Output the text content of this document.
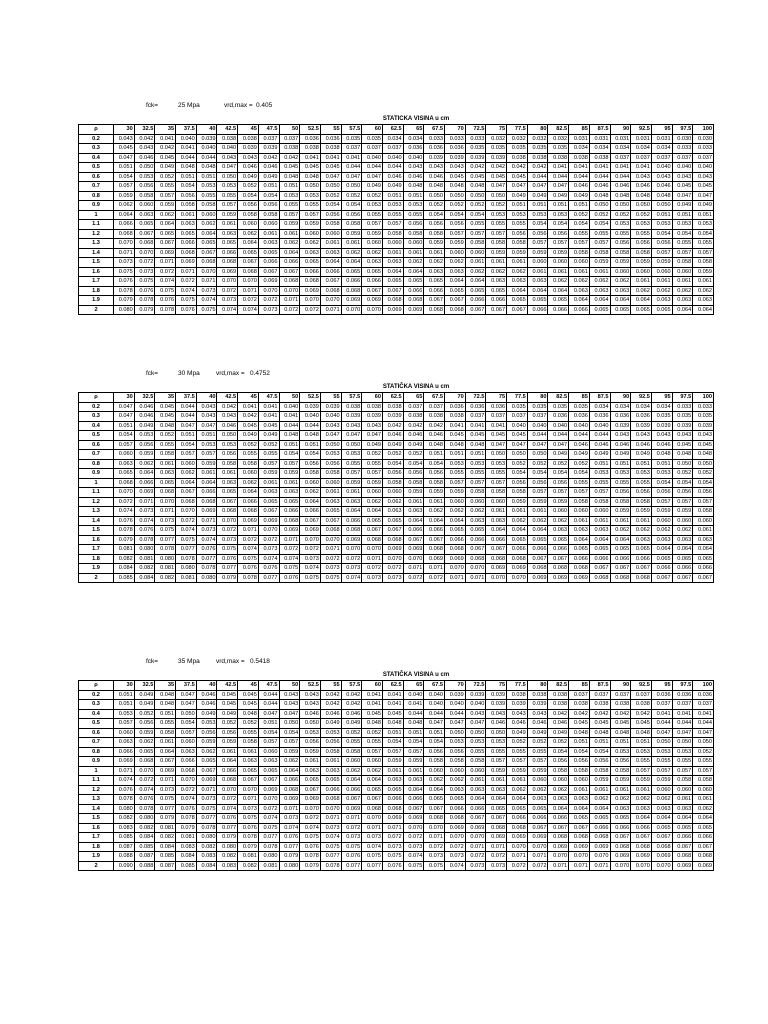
fck=	25 Mpa	vrd,max = 0.405
STATICKA VISINA u cm
ρ	30	32.5	35	37.5	40	42.5	45	47.5	50	52.5	55	57.5	60	62.5	65	67.5	70	72.5	75	77.5	80	82.5	85	87.5	90	92.5	95	97.5	100
0.2	0.043	0.042	0.041	0.040	0.039	0.038	0.038	0.037	0.037	0.036	0.036	0.035	0.035	0.034	0.034	0.033	0.033	0.033	0.032	0.032	0.032	0.032	0.031	0.031	0.031	0.031	0.031	0.030	0.030
0.3	0.045	0.043	0.042	0.041	0.040	0.040	0.039	0.039	0.038	0.038	0.038	0.037	0.037	0.037	0.036	0.036	0.036	0.035	0.035	0.035	0.035	0.035	0.034	0.034	0.034	0.034	0.034	0.033	0.033
0.4	0.047	0.046	0.045	0.044	0.044	0.043	0.043	0.042	0.042	0.041	0.041	0.041	0.040	0.040	0.040	0.039	0.039	0.039	0.039	0.038	0.038	0.038	0.038	0.038	0.037	0.037	0.037	0.037	0.037
0.5	0.051	0.050	0.049	0.048	0.048	0.047	0.046	0.046	0.045	0.045	0.045	0.044	0.044	0.044	0.043	0.043	0.043	0.042	0.042	0.042	0.042	0.041	0.041	0.041	0.041	0.041	0.040	0.040	0.040
0.6	0.054	0.053	0.052	0.051	0.051	0.050	0.049	0.049	0.048	0.048	0.047	0.047	0.047	0.046	0.046	0.046	0.045	0.045	0.045	0.045	0.044	0.044	0.044	0.044	0.044	0.043	0.043	0.043	0.043
0.7	0.057	0.056	0.055	0.054	0.053	0.053	0.052	0.051	0.051	0.050	0.050	0.050	0.049	0.049	0.048	0.048	0.048	0.048	0.047	0.047	0.047	0.047	0.046	0.046	0.046	0.046	0.046	0.045	0.045
0.8	0.059	0.058	0.057	0.056	0.055	0.055	0.054	0.054	0.053	0.053	0.052	0.052	0.052	0.051	0.051	0.050	0.050	0.050	0.050	0.049	0.049	0.049	0.049	0.048	0.048	0.048	0.048	0.047	0.047
0.9	0.062	0.060	0.059	0.058	0.058	0.057	0.056	0.056	0.055	0.055	0.054	0.054	0.053	0.053	0.053	0.052	0.052	0.052	0.052	0.051	0.051	0.051	0.051	0.050	0.050	0.050	0.050	0.049	0.049
1	0.064	0.063	0.062	0.061	0.060	0.059	0.058	0.058	0.057	0.057	0.056	0.056	0.055	0.055	0.055	0.054	0.054	0.054	0.053	0.053	0.053	0.053	0.052	0.052	0.052	0.052	0.051	0.051	0.051
1.1	0.066	0.065	0.064	0.063	0.062	0.061	0.060	0.060	0.059	0.059	0.058	0.058	0.057	0.057	0.056	0.056	0.056	0.055	0.055	0.055	0.054	0.054	0.054	0.054	0.053	0.053	0.053	0.053	0.053
1.2	0.068	0.067	0.065	0.065	0.064	0.063	0.062	0.061	0.061	0.060	0.060	0.059	0.059	0.058	0.058	0.058	0.057	0.057	0.057	0.056	0.056	0.056	0.055	0.055	0.055	0.055	0.054	0.054	0.054
1.3	0.070	0.068	0.067	0.066	0.065	0.065	0.064	0.063	0.062	0.062	0.061	0.061	0.060	0.060	0.060	0.059	0.059	0.058	0.058	0.058	0.057	0.057	0.057	0.057	0.056	0.056	0.056	0.055	0.055
1.4	0.071	0.070	0.069	0.068	0.067	0.066	0.065	0.065	0.064	0.063	0.063	0.062	0.062	0.061	0.061	0.061	0.060	0.060	0.059	0.059	0.059	0.059	0.058	0.058	0.058	0.058	0.057	0.057	0.057
1.5	0.073	0.072	0.071	0.069	0.068	0.068	0.067	0.066	0.066	0.065	0.064	0.064	0.063	0.063	0.062	0.062	0.062	0.061	0.061	0.061	0.060	0.060	0.060	0.059	0.059	0.059	0.059	0.058	0.058
1.6	0.075	0.073	0.072	0.071	0.070	0.069	0.068	0.067	0.067	0.066	0.066	0.065	0.065	0.064	0.064	0.063	0.063	0.062	0.062	0.062	0.061	0.061	0.061	0.061	0.060	0.060	0.060	0.060	0.059
1.7	0.076	0.075	0.074	0.072	0.071	0.070	0.070	0.069	0.068	0.068	0.067	0.066	0.066	0.065	0.065	0.065	0.064	0.064	0.063	0.063	0.063	0.062	0.062	0.062	0.062	0.061	0.061	0.061	0.061
1.8	0.078	0.076	0.075	0.074	0.073	0.072	0.071	0.070	0.070	0.069	0.068	0.068	0.067	0.067	0.066	0.066	0.065	0.065	0.065	0.064	0.064	0.064	0.063	0.063	0.063	0.062	0.062	0.062	0.062
1.9	0.079	0.078	0.076	0.075	0.074	0.073	0.072	0.072	0.071	0.070	0.070	0.069	0.069	0.068	0.068	0.067	0.067	0.066	0.066	0.065	0.065	0.065	0.064	0.064	0.064	0.064	0.063	0.063	0.063
2	0.080	0.079	0.078	0.076	0.075	0.074	0.074	0.073	0.072	0.072	0.071	0.070	0.070	0.069	0.069	0.068	0.068	0.067	0.067	0.067	0.066	0.066	0.066	0.065	0.065	0.065	0.065	0.064	0.064
fck=	30 Mpa	vrd,max = 0.4752
STATIČKA VISINA u cm
ρ	30	32.5	35	37.5	40	42.5	45	47.5	50	52.5	55	57.5	60	62.5	65	67.5	70	72.5	75	77.5	80	82.5	85	87.5	90	92.5	95	97.5	100
0.2	0.047	0.046	0.045	0.044	0.043	0.042	0.041	0.041	0.040	0.039	0.039	0.038	0.038	0.038	0.037	0.037	0.036	0.036	0.036	0.035	0.035	0.035	0.035	0.034	0.034	0.034	0.034	0.033	0.033
0.3	0.047	0.046	0.045	0.044	0.043	0.043	0.042	0.041	0.041	0.040	0.040	0.039	0.039	0.039	0.038	0.038	0.038	0.037	0.037	0.037	0.037	0.036	0.036	0.036	0.036	0.036	0.035	0.035	0.035
0.4	0.051	0.049	0.048	0.047	0.047	0.046	0.045	0.045	0.044	0.044	0.043	0.043	0.043	0.042	0.042	0.042	0.041	0.041	0.041	0.040	0.040	0.040	0.040	0.040	0.039	0.039	0.039	0.039	0.039
0.5	0.054	0.053	0.052	0.051	0.051	0.050	0.049	0.049	0.048	0.048	0.047	0.047	0.047	0.046	0.046	0.046	0.045	0.045	0.045	0.045	0.044	0.044	0.044	0.044	0.043	0.043	0.043	0.043	0.043
0.6	0.057	0.056	0.055	0.054	0.053	0.053	0.052	0.052	0.051	0.051	0.050	0.050	0.049	0.049	0.049	0.048	0.048	0.048	0.047	0.047	0.047	0.047	0.046	0.046	0.046	0.046	0.046	0.045	0.045
0.7	0.060	0.059	0.058	0.057	0.057	0.056	0.055	0.055	0.054	0.054	0.053	0.053	0.052	0.052	0.052	0.051	0.051	0.051	0.050	0.050	0.050	0.049	0.049	0.049	0.049	0.049	0.048	0.048	0.048
0.8	0.063	0.062	0.061	0.060	0.059	0.058	0.058	0.057	0.057	0.056	0.056	0.055	0.055	0.054	0.054	0.054	0.053	0.053	0.053	0.052	0.052	0.052	0.052	0.051	0.051	0.051	0.051	0.050	0.050
0.9	0.065	0.064	0.063	0.062	0.061	0.061	0.060	0.059	0.059	0.058	0.058	0.057	0.057	0.056	0.056	0.056	0.055	0.055	0.055	0.054	0.054	0.054	0.054	0.053	0.053	0.053	0.053	0.052	0.052
1	0.068	0.066	0.065	0.064	0.064	0.063	0.062	0.061	0.061	0.060	0.060	0.059	0.059	0.058	0.058	0.058	0.057	0.057	0.057	0.056	0.056	0.056	0.055	0.055	0.055	0.055	0.054	0.054	0.054
1.1	0.070	0.069	0.068	0.067	0.066	0.065	0.064	0.063	0.063	0.062	0.061	0.061	0.060	0.060	0.059	0.059	0.059	0.058	0.058	0.058	0.057	0.057	0.057	0.057	0.056	0.056	0.056	0.056	0.056
1.2	0.072	0.071	0.070	0.068	0.068	0.067	0.066	0.065	0.065	0.064	0.063	0.063	0.062	0.062	0.061	0.061	0.060	0.060	0.060	0.059	0.059	0.059	0.058	0.058	0.058	0.058	0.057	0.057	0.057
1.3	0.074	0.073	0.071	0.070	0.069	0.068	0.068	0.067	0.066	0.066	0.065	0.064	0.064	0.063	0.063	0.062	0.062	0.062	0.061	0.061	0.061	0.060	0.060	0.060	0.059	0.059	0.059	0.059	0.058
1.4	0.076	0.074	0.073	0.072	0.071	0.070	0.069	0.069	0.068	0.067	0.067	0.066	0.065	0.065	0.064	0.064	0.064	0.063	0.063	0.062	0.062	0.062	0.061	0.061	0.061	0.061	0.060	0.060	0.060
1.5	0.078	0.076	0.075	0.074	0.073	0.072	0.071	0.070	0.069	0.069	0.068	0.068	0.067	0.067	0.066	0.066	0.065	0.065	0.064	0.064	0.064	0.063	0.063	0.063	0.062	0.062	0.062	0.062	0.061
1.6	0.079	0.078	0.077	0.075	0.074	0.073	0.072	0.072	0.071	0.070	0.070	0.069	0.068	0.068	0.067	0.067	0.066	0.066	0.066	0.065	0.065	0.065	0.064	0.064	0.064	0.063	0.063	0.063	0.063
1.7	0.081	0.080	0.078	0.077	0.076	0.075	0.074	0.073	0.072	0.072	0.071	0.070	0.070	0.069	0.069	0.068	0.068	0.067	0.067	0.066	0.066	0.066	0.065	0.065	0.065	0.065	0.064	0.064	0.064
1.8	0.082	0.081	0.080	0.078	0.077	0.076	0.075	0.074	0.074	0.073	0.072	0.072	0.071	0.070	0.070	0.069	0.069	0.068	0.068	0.068	0.067	0.067	0.066	0.066	0.066	0.066	0.065	0.065	0.065
1.9	0.084	0.082	0.081	0.080	0.078	0.077	0.076	0.076	0.075	0.074	0.073	0.073	0.072	0.072	0.071	0.071	0.070	0.070	0.069	0.069	0.068	0.068	0.068	0.067	0.067	0.067	0.066	0.066	0.066
2	0.085	0.084	0.082	0.081	0.080	0.079	0.078	0.077	0.076	0.075	0.075	0.074	0.073	0.073	0.072	0.072	0.071	0.071	0.070	0.070	0.069	0.069	0.069	0.068	0.068	0.068	0.067	0.067	0.067
fck=	35 Mpa	vrd,max = 0.5418
STATIČKA VISINA u cm
ρ	30	32.5	35	37.5	40	42.5	45	47.5	50	52.5	55	57.5	60	62.5	65	67.5	70	72.5	75	77.5	80	82.5	85	87.5	90	92.5	95	97.5	100
0.2	0.051	0.049	0.048	0.047	0.046	0.045	0.045	0.044	0.043	0.043	0.042	0.042	0.041	0.041	0.040	0.040	0.039	0.039	0.039	0.038	0.038	0.038	0.037	0.037	0.037	0.037	0.036	0.036	0.036
0.3	0.051	0.049	0.048	0.047	0.046	0.045	0.045	0.044	0.043	0.043	0.042	0.042	0.041	0.041	0.041	0.040	0.040	0.040	0.039	0.039	0.039	0.038	0.038	0.038	0.038	0.038	0.037	0.037	0.037
0.4	0.053	0.052	0.051	0.050	0.049	0.049	0.048	0.047	0.047	0.046	0.046	0.046	0.045	0.045	0.044	0.044	0.044	0.043	0.043	0.043	0.043	0.042	0.042	0.042	0.042	0.042	0.041	0.041	0.041
0.5	0.057	0.056	0.055	0.054	0.053	0.052	0.052	0.051	0.050	0.050	0.049	0.049	0.048	0.048	0.048	0.047	0.047	0.047	0.046	0.046	0.046	0.046	0.045	0.045	0.045	0.045	0.044	0.044	0.044
0.6	0.060	0.059	0.058	0.057	0.056	0.056	0.055	0.054	0.054	0.053	0.053	0.052	0.052	0.051	0.051	0.051	0.050	0.050	0.050	0.049	0.049	0.049	0.048	0.048	0.048	0.048	0.047	0.047	0.047
0.7	0.063	0.062	0.061	0.060	0.059	0.059	0.058	0.057	0.057	0.056	0.056	0.055	0.055	0.054	0.054	0.054	0.053	0.053	0.053	0.052	0.052	0.052	0.051	0.051	0.051	0.051	0.050	0.050	0.050
0.8	0.066	0.065	0.064	0.063	0.062	0.061	0.061	0.060	0.059	0.059	0.058	0.058	0.057	0.057	0.057	0.056	0.056	0.055	0.055	0.055	0.055	0.054	0.054	0.054	0.053	0.053	0.053	0.053	0.052
0.9	0.069	0.068	0.067	0.066	0.065	0.064	0.063	0.063	0.062	0.061	0.061	0.060	0.060	0.059	0.059	0.058	0.058	0.058	0.057	0.057	0.057	0.056	0.056	0.056	0.056	0.055	0.055	0.055	0.055
1	0.071	0.070	0.069	0.068	0.067	0.066	0.065	0.065	0.064	0.063	0.063	0.062	0.062	0.061	0.061	0.060	0.060	0.060	0.059	0.059	0.059	0.058	0.058	0.058	0.058	0.057	0.057	0.057	0.057
1.1	0.074	0.072	0.071	0.070	0.069	0.068	0.067	0.067	0.066	0.065	0.065	0.064	0.064	0.063	0.063	0.062	0.062	0.061	0.061	0.061	0.060	0.060	0.060	0.059	0.059	0.059	0.059	0.058	0.058
1.2	0.076	0.074	0.073	0.072	0.071	0.070	0.070	0.069	0.068	0.067	0.066	0.066	0.065	0.065	0.064	0.064	0.063	0.063	0.063	0.062	0.062	0.062	0.061	0.061	0.061	0.061	0.060	0.060	0.060
1.3	0.078	0.076	0.075	0.074	0.073	0.072	0.071	0.070	0.069	0.069	0.068	0.067	0.067	0.066	0.066	0.065	0.065	0.064	0.064	0.064	0.063	0.063	0.063	0.062	0.062	0.062	0.062	0.061	0.061
1.4	0.080	0.078	0.077	0.076	0.075	0.074	0.073	0.072	0.071	0.070	0.070	0.069	0.068	0.068	0.067	0.067	0.066	0.066	0.065	0.065	0.065	0.064	0.064	0.064	0.063	0.063	0.063	0.063	0.062
1.5	0.082	0.080	0.079	0.078	0.077	0.076	0.075	0.074	0.073	0.072	0.071	0.071	0.070	0.069	0.069	0.068	0.068	0.067	0.067	0.066	0.066	0.066	0.065	0.065	0.065	0.064	0.064	0.064	0.064
1.6	0.083	0.082	0.081	0.079	0.078	0.077	0.076	0.075	0.074	0.074	0.073	0.072	0.071	0.071	0.070	0.070	0.069	0.069	0.068	0.068	0.067	0.067	0.067	0.066	0.066	0.066	0.065	0.065	0.065
1.7	0.085	0.084	0.082	0.081	0.080	0.079	0.078	0.077	0.076	0.075	0.074	0.073	0.073	0.072	0.072	0.071	0.070	0.070	0.069	0.069	0.069	0.068	0.068	0.068	0.067	0.067	0.067	0.066	0.066
1.8	0.087	0.085	0.084	0.083	0.082	0.080	0.079	0.078	0.077	0.076	0.075	0.075	0.074	0.073	0.073	0.072	0.072	0.071	0.071	0.070	0.070	0.069	0.069	0.069	0.068	0.068	0.068	0.067	0.067
1.9	0.088	0.087	0.085	0.084	0.083	0.082	0.081	0.080	0.079	0.078	0.077	0.076	0.075	0.075	0.074	0.073	0.073	0.072	0.072	0.071	0.071	0.070	0.070	0.070	0.069	0.069	0.069	0.068	0.068
2	0.090	0.088	0.087	0.085	0.084	0.083	0.082	0.081	0.080	0.079	0.078	0.077	0.077	0.076	0.075	0.075	0.074	0.073	0.073	0.072	0.072	0.071	0.071	0.071	0.070	0.070	0.070	0.069	0.069
